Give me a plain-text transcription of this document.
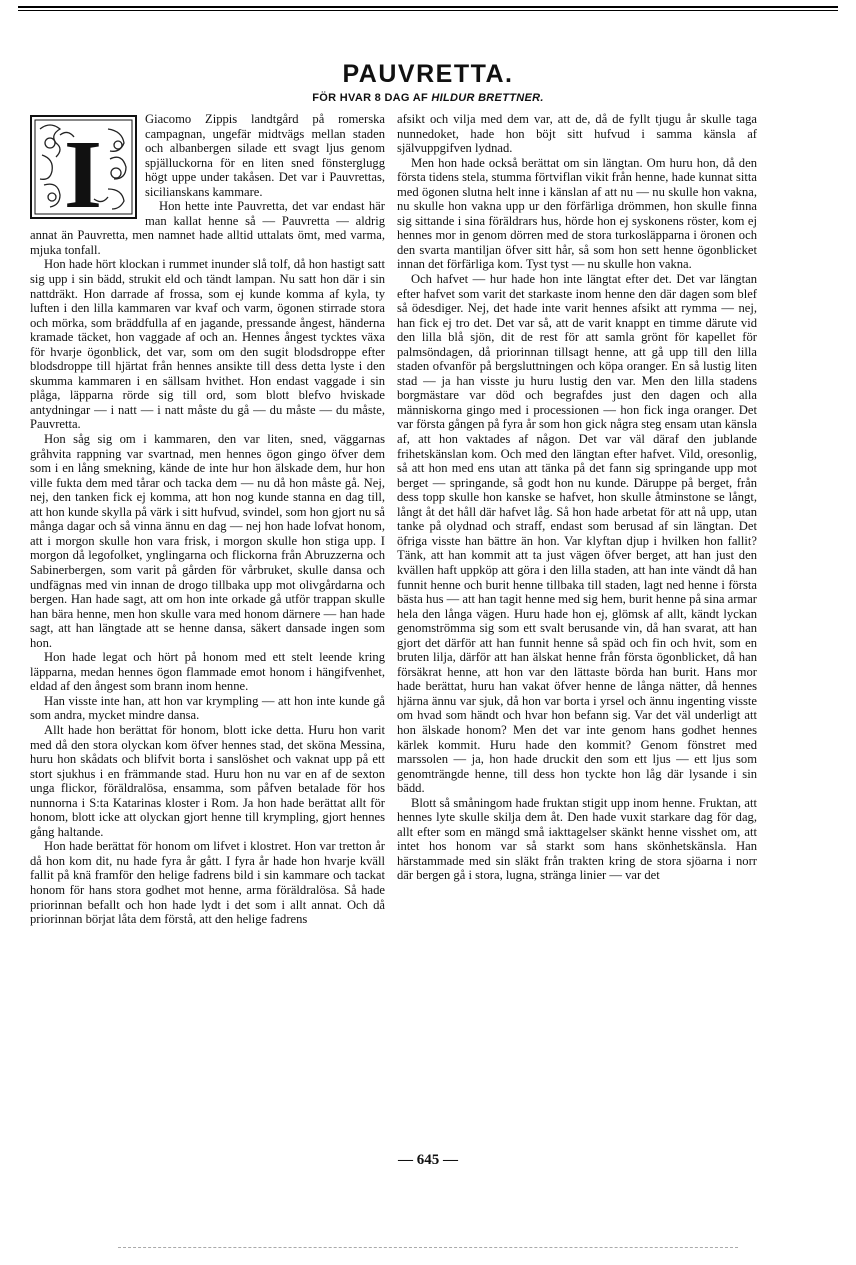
PAUVRETTA.
FÖR HVAR 8 DAG AF HILDUR BRETTNER.
I

Giacomo Zippis landtgård på romerska campagnan, ungefär midtvägs mellan staden och albanbergen silade ett svagt ljus genom spjälluckorna för en liten sned fönsterglugg högt uppe under takåsen. Det var i Pauvrettas, sicilianskans kammare.

Hon hette inte Pauvretta, det var endast här man kallat henne så — Pauvretta — aldrig annat än Pauvretta, men namnet hade alltid uttalats ömt, med varma, mjuka tonfall.

Hon hade hört klockan i rummet inunder slå tolf, då hon hastigt satt sig upp i sin bädd, strukit eld och tändt lampan. Nu satt hon där i sin nattdräkt. Hon darrade af frossa, som ej kunde komma af kyla, ty luften i den lilla kammaren var kvaf och varm, ögonen stirrade stora och mörka, som bräddfulla af en jagande, pressande ångest, händerna kramade täcket, hon vaggade af och an. Hennes ångest tycktes växa för hvarje ögonblick, det var, som om den sugit blodsdroppe efter blodsdroppe till hjärtat från hennes ansikte till dess detta lyste i den skumma kammaren i en sällsam hvithet. Hon endast vaggade i sin plåga, läpparna rörde sig till ord, som blott blefvo hviskade antydningar — i natt — i natt måste du gå — du måste — du måste, Pauvretta.

Hon såg sig om i kammaren, den var liten, sned, väggarnas gråhvita rappning var svartnad, men hennes ögon gingo öfver dem som i en lång smekning, kände de inte hur hon älskade dem, hur hon ville fukta dem med tårar och tacka dem — nu då hon måste gå. Nej, nej, den tanken fick ej komma, att hon nog kunde stanna en dag till, att hon kunde skylla på värk i sitt hufvud, svindel, som hon gjort nu så många dagar och så vinna ännu en dag — nej hon hade lofvat honom, att i morgon skulle hon vara frisk, i morgon skulle hon stiga upp. I morgon då legofolket, ynglingarna och flickorna från Abruzzerna och Sabinerbergen, som varit på gården för vårbruket, skulle dansa och undfägnas med vin innan de drogo tillbaka upp mot olivgårdarna och bergen. Han hade sagt, att om hon inte orkade gå utför trappan skulle han bära henne, men hon skulle vara med honom därnere — han hade sagt, att han längtade att se henne dansa, säkert dansade ingen som hon.

Hon hade legat och hört på honom med ett stelt leende kring läpparna, medan hennes ögon flammade emot honom i hängifvenhet, eldad af den ångest som brann inom henne.

Han visste inte han, att hon var krympling — att hon inte kunde gå som andra, mycket mindre dansa.

Allt hade hon berättat för honom, blott icke detta. Huru hon varit med då den stora olyckan kom öfver hennes stad, det sköna Messina, huru hon skådats och blifvit borta i sanslöshet och vaknat upp på ett stort sjukhus i en främmande stad. Huru hon nu var en af de sexton unga flickor, föräldralösa, ensamma, som påfven betalade för hos nunnorna i S:ta Katarinas kloster i Rom. Ja hon hade berättat allt för honom, blott icke att olyckan gjort henne till krympling, gjort hennes gång haltande.

Hon hade berättat för honom om lifvet i klostret. Hon var tretton år då hon kom dit, nu hade fyra år gått. I fyra år hade hon hvarje kväll fallit på knä framför den helige fadrens bild i sin kammare och tackat honom för hans stora godhet mot henne, arma föräldralösa. Så hade priorinnan befallt och hon hade lydt i det som i allt annat. Och då priorinnan börjat låta dem förstå, att den helige fadrens

afsikt och vilja med dem var, att de, då de fyllt tjugu år skulle taga nunnedoket, hade hon böjt sitt hufvud i samma känsla af självuppgifven lydnad.

Men hon hade också berättat om sin längtan. Om huru hon, då den första tidens stela, stumma förtviflan vikit från henne, hade kunnat sitta med ögonen slutna helt inne i känslan af att nu — nu skulle hon vakna, nu skulle hon vakna upp ur den förfärliga drömmen, hon skulle finna sig sittande i sina föräldrars hus, hörde hon ej syskonens röster, kom ej hennes mor in genom dörren med de stora turkosläpparna i öronen och den svarta mantiljan öfver sitt hår, så som hon sett henne ögonblicket innan det förfärliga kom. Tyst tyst — nu skulle hon vakna.

Och hafvet — hur hade hon inte längtat efter det. Det var längtan efter hafvet som varit det starkaste inom henne den där dagen som blef så ödesdiger. Nej, det hade inte varit hennes afsikt att rymma — nej, han fick ej tro det. Det var så, att de varit knappt en timme därute vid den lilla blå sjön, dit de rest för att samla grönt för kapellet för palmsöndagen, då priorinnan tillsagt henne, att gå upp till den lilla staden ofvanför på bergsluttningen och köpa oranger. En så lustig liten stad — ja han visste ju huru lustig den var. Men den lilla stadens borgmästare var död och begrafdes just den dagen och alla människorna gingo med i processionen — hon fick inga oranger. Det var första gången på fyra år som hon gick några steg ensam utan känsla af, att hon vaktades af någon. Det var väl däraf den jublande frihetskänslan kom. Och med den längtan efter hafvet. Vild, oresonlig, så att hon med ens utan att tänka på det fann sig springande upp mot berget — springande, så godt hon nu kunde. Däruppe på berget, från dess topp skulle hon kanske se hafvet, hon skulle åtminstone se långt, långt åt det håll där hafvet låg. Så hon hade arbetat för att nå upp, utan tanke på olydnad och straff, endast som berusad af sin längtan. Det öfriga visste han bättre än hon. Var klyftan djup i hvilken hon fallit? Tänk, att han kommit att ta just vägen öfver berget, att han just den kvällen haft uppköp att göra i den lilla staden, att han inte vändt då han funnit henne och burit henne tillbaka till staden, lagt ned henne i första bästa hus — att han tagit henne med sig hem, burit henne på sina armar hela den långa vägen. Huru hade hon ej, glömsk af allt, kändt lyckan genomströmma sig som ett svalt berusande vin, då han svarat, att han gjort det därför att han funnit henne så späd och fin och hvit, som en bruten lilja, därför att han älskat henne från första ögonblicket, då han försäkrat henne, att hon var den lättaste börda han burit. Hans mor hade berättat, huru han vakat öfver henne de långa nätter, då hennes hjärna ännu var sjuk, då hon var borta i yrsel och ännu ingenting visste om hvad som händt och hvar hon befann sig. Var det väl underligt att hon älskade honom? Men det var inte genom hans godhet hennes kärlek kommit. Huru hade den kommit? Genom fönstret med marssolen — ja, hon hade druckit den som ett ljus — ett ljus som genomträngde henne, till dess hon tyckte hon låg där lysande i sin bädd.

Blott så småningom hade fruktan stigit upp inom henne. Fruktan, att hennes lyte skulle skilja dem åt. Den hade vuxit starkare dag för dag, allt efter som en mängd små iakttagelser skänkt henne visshet om, att intet hos honom var så starkt som hans skönhetskänsla. Han härstammade med sin släkt från trakten kring de stora sjöarna i norr där bergen gå i stora, lugna, stränga linier — var det

— 645 —
